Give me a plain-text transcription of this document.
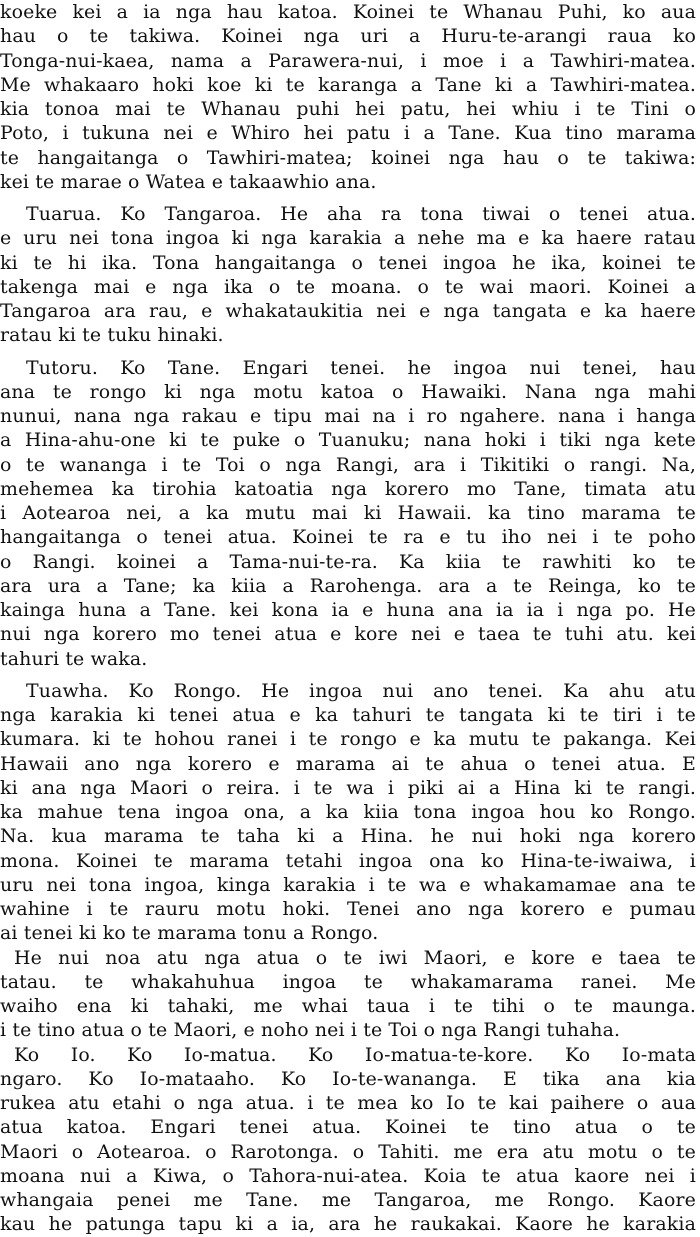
koeke kei a ia nga hau katoa. Koinei te Whanau Puhi, ko aua
hau o te takiwa. Koinei nga uri a Huru-te-arangi raua ko
Tonga-nui-kaea, nama a Parawera-nui, i moe i a Tawhiri-matea.
Me whakaaro hoki koe ki te karanga a Tane ki a Tawhiri-matea.
kia tonoa mai te Whanau puhi hei patu, hei whiu i te Tini o
Poto, i tukuna nei e Whiro hei patu i a Tane. Kua tino marama
te hangaitanga o Tawhiri-matea; koinei nga hau o te takiwa:
kei te marae o Watea e takaawhio ana.
Tuarua. Ko Tangaroa. He aha ra tona tiwai o tenei atua.
e uru nei tona ingoa ki nga karakia a nehe ma e ka haere ratau
ki te hi ika. Tona hangaitanga o tenei ingoa he ika, koinei te
takenga mai e nga ika o te moana. o te wai maori. Koinei a
Tangaroa ara rau, e whakataukitia nei e nga tangata e ka haere
ratau ki te tuku hinaki.
Tutoru. Ko Tane. Engari tenei. he ingoa nui tenei, hau
ana te rongo ki nga motu katoa o Hawaiki. Nana nga mahi
nunui, nana nga rakau e tipu mai na i ro ngahere. nana i hanga
a Hina-ahu-one ki te puke o Tuanuku; nana hoki i tiki nga kete
o te wananga i te Toi o nga Rangi, ara i Tikitiki o rangi. Na,
mehemea ka tirohia katoatia nga korero mo Tane, timata atu
i Aotearoa nei, a ka mutu mai ki Hawaii. ka tino marama te
hangaitanga o tenei atua. Koinei te ra e tu iho nei i te poho
o Rangi. koinei a Tama-nui-te-ra. Ka kiia te rawhiti ko te
ara ura a Tane; ka kiia a Rarohenga. ara a te Reinga, ko te
kainga huna a Tane. kei kona ia e huna ana ia ia i nga po. He
nui nga korero mo tenei atua e kore nei e taea te tuhi atu. kei
tahuri te waka.
Tuawha. Ko Rongo. He ingoa nui ano tenei. Ka ahu atu
nga karakia ki tenei atua e ka tahuri te tangata ki te tiri i te
kumara. ki te hohou ranei i te rongo e ka mutu te pakanga. Kei
Hawaii ano nga korero e marama ai te ahua o tenei atua. E
ki ana nga Maori o reira. i te wa i piki ai a Hina ki te rangi.
ka mahue tena ingoa ona, a ka kiia tona ingoa hou ko Rongo.
Na. kua marama te taha ki a Hina. he nui hoki nga korero
mona. Koinei te marama tetahi ingoa ona ko Hina-te-iwaiwa, i
uru nei tona ingoa, kinga karakia i te wa e whakamamae ana te
wahine i te rauru motu hoki. Tenei ano nga korero e pumau
ai tenei ki ko te marama tonu a Rongo.
He nui noa atu nga atua o te iwi Maori, e kore e taea te
tatau. te whakahuhua ingoa te whakamarama ranei. Me
waiho ena ki tahaki, me whai taua i te tihi o te maunga.
i te tino atua o te Maori, e noho nei i te Toi o nga Rangi tuhaha.
Ko Io. Ko Io-matua. Ko Io-matua-te-kore. Ko Io-mata
ngaro. Ko Io-mataaho. Ko Io-te-wananga. E tika ana kia
rukea atu etahi o nga atua. i te mea ko Io te kai paihere o aua
atua katoa. Engari tenei atua. Koinei te tino atua o te
Maori o Aotearoa. o Rarotonga. o Tahiti. me era atu motu o te
moana nui a Kiwa, o Tahora-nui-atea. Koia te atua kaore nei i
whangaia penei me Tane. me Tangaroa, me Rongo. Kaore
kau he patunga tapu ki a ia, ara he raukakai. Kaore he karakia
